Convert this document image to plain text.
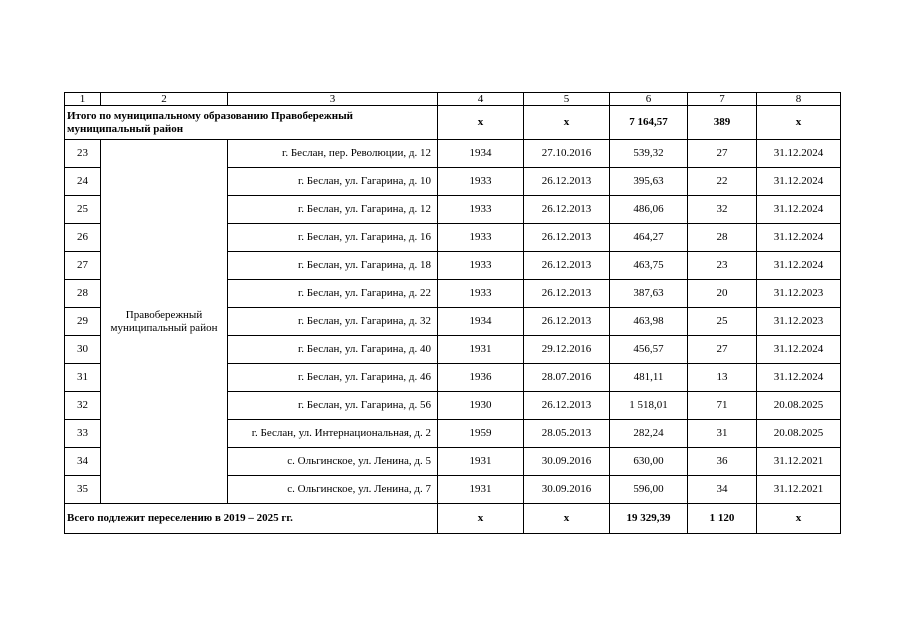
1	2	3	4	5	6	7	8
Итого по муниципальному образованию Правобережный муниципальный район			х	х	7 164,57	389	х
23	Правобережный муниципальный район	г. Беслан, пер. Революции, д. 12	1934	27.10.2016	539,32	27	31.12.2024
24		г. Беслан, ул. Гагарина, д. 10	1933	26.12.2013	395,63	22	31.12.2024
25		г. Беслан, ул. Гагарина, д. 12	1933	26.12.2013	486,06	32	31.12.2024
26		г. Беслан, ул. Гагарина, д. 16	1933	26.12.2013	464,27	28	31.12.2024
27		г. Беслан, ул. Гагарина, д. 18	1933	26.12.2013	463,75	23	31.12.2024
28		г. Беслан, ул. Гагарина, д. 22	1933	26.12.2013	387,63	20	31.12.2023
29		г. Беслан, ул. Гагарина, д. 32	1934	26.12.2013	463,98	25	31.12.2023
30		г. Беслан, ул. Гагарина, д. 40	1931	29.12.2016	456,57	27	31.12.2024
31		г. Беслан, ул. Гагарина, д. 46	1936	28.07.2016	481,11	13	31.12.2024
32		г. Беслан, ул. Гагарина, д. 56	1930	26.12.2013	1 518,01	71	20.08.2025
33		г. Беслан, ул. Интернациональная, д. 2	1959	28.05.2013	282,24	31	20.08.2025
34		с. Ольгинское, ул. Ленина, д. 5	1931	30.09.2016	630,00	36	31.12.2021
35		с. Ольгинское, ул. Ленина, д. 7	1931	30.09.2016	596,00	34	31.12.2021
Всего подлежит переселению в 2019 – 2025 гг.			х	х	19 329,39	1 120	х
